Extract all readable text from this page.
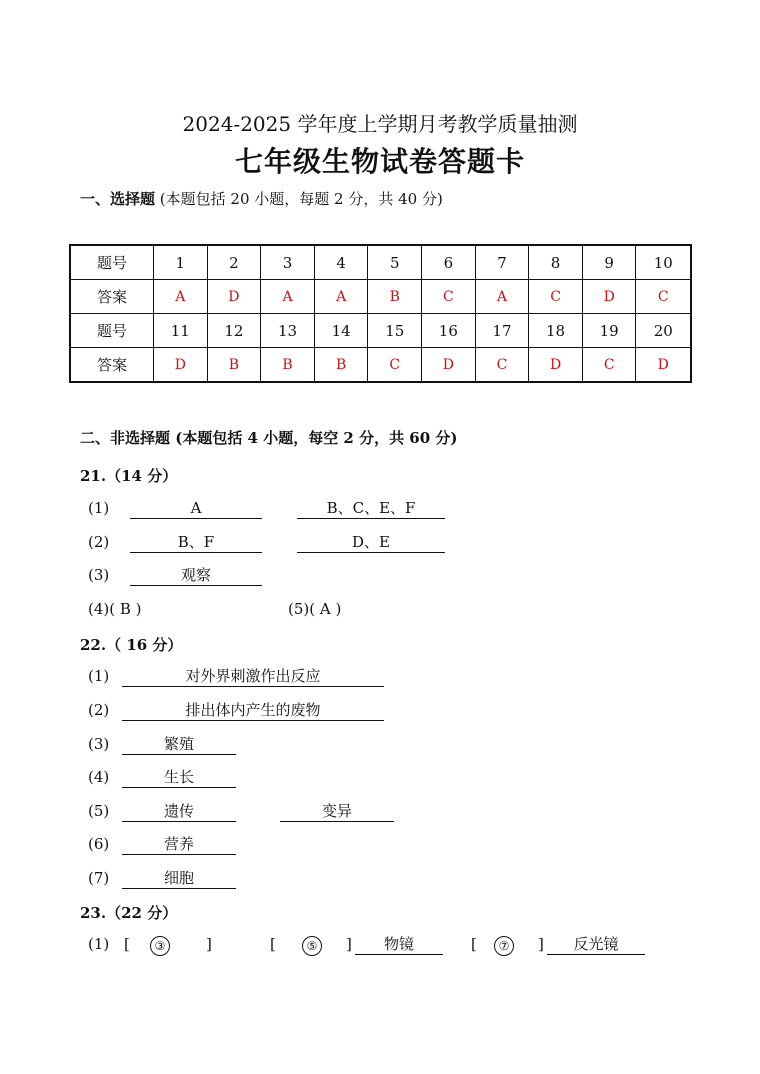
2024-2025 学年度上学期月考教学质量抽测
七年级生物试卷答题卡
一、选择题 (本题包括 20 小题，每题 2 分，共 40 分)
题号	1	2	3	4	5	6	7	8	9	10
答案	A	D	A	A	B	C	A	C	D	C
题号	11	12	13	14	15	16	17	18	19	20
答案	D	B	B	B	C	D	C	D	C	D
二、非选择题 (本题包括 4 小题，每空 2 分，共 60 分)
21.（14 分）
(1)	A	B、C、E、F
(2)	B、F	D、E
(3)	观察
(4)( B )	(5)( A )
22.（ 16 分）
(1)	对外界刺激作出反应
(2)	排出体内产生的废物
(3)	繁殖
(4)	生长
(5)	遗传	变异
(6)	营养
(7)	细胞
23.（22 分）
(1) [	③	]	[	⑤	]	物镜	[	⑦	]	反光镜
